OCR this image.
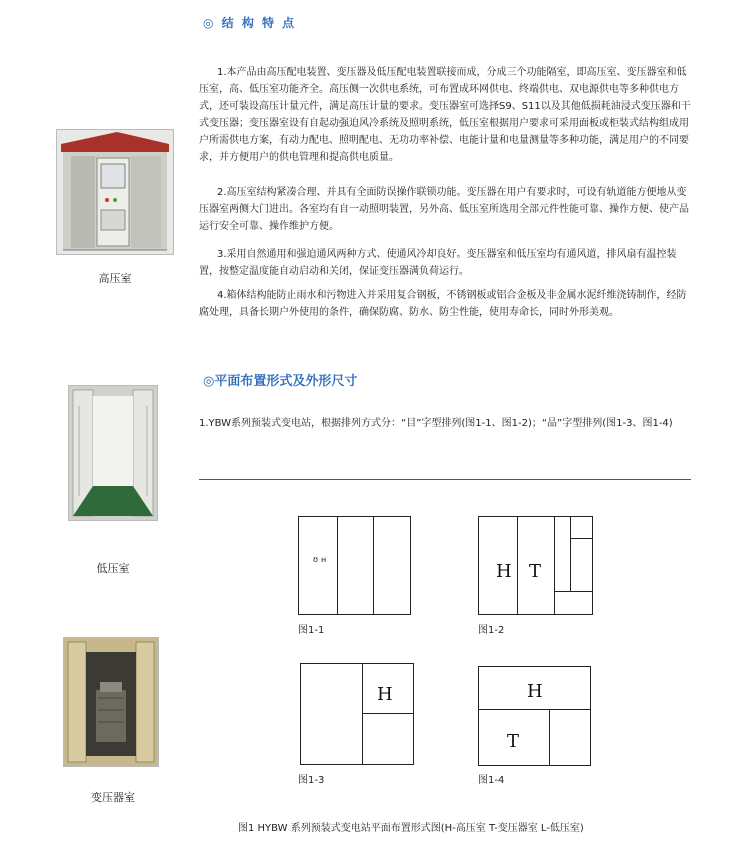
◎ 结 构 特 点
1.本产品由高压配电装置、变压器及低压配电装置联接而成，分成三个功能隔室，即高压室、变压器室和低压室，高、低压室功能齐全。高压侧一次供电系统，可布置成环网供电、终端供电、双电源供电等多种供电方式，还可装设高压计量元件，满足高压计量的要求。变压器室可选择S9、S11以及其他低损耗油浸式变压器和干式变压器；变压器室设有自起动强迫风冷系统及照明系统，低压室根据用户要求可采用面板或柜装式结构组成用户所需供电方案，有动力配电、照明配电、无功功率补偿、电能计量和电量测量等多种功能，满足用户的不同要求，并方便用户的供电管理和提高供电质量。
2.高压室结构紧凑合理、并具有全面防误操作联锁功能。变压器在用户有要求时，可设有轨道能方便地从变压器室两侧大门进出。各室均有自一动照明装置，另外高、低压室所选用全部元件性能可靠、操作方便、使产品运行安全可靠、操作维护方便。
3.采用自然通用和强迫通风两种方式、使通风冷却良好。变压器室和低压室均有通风道，排风扇有温控装置，按整定温度能自动启动和关闭，保证变压器满负荷运行。
4.箱体结构能防止雨水和污物进入并采用复合钢板，不锈钢板或铝合金板及非金属水泥纤维浇铸制作，经防腐处理，具备长期户外使用的条件，确保防腐、防水、防尘性能，使用寿命长，同时外形美观。
高压室
低压室
变压器室
◎平面布置形式及外形尺寸
1.YBW系列预装式变电站，根据排列方式分：“目”字型排列(图1-1、图1-2)；“品”字型排列(图1-3、图1-4)
ʊ ʜ
图1-1
H T
图1-2
H
图1-3
H
T
图1-4
图1 HYBW 系列预装式变电站平面布置形式图(H-高压室 T-变压器室 L-低压室)
